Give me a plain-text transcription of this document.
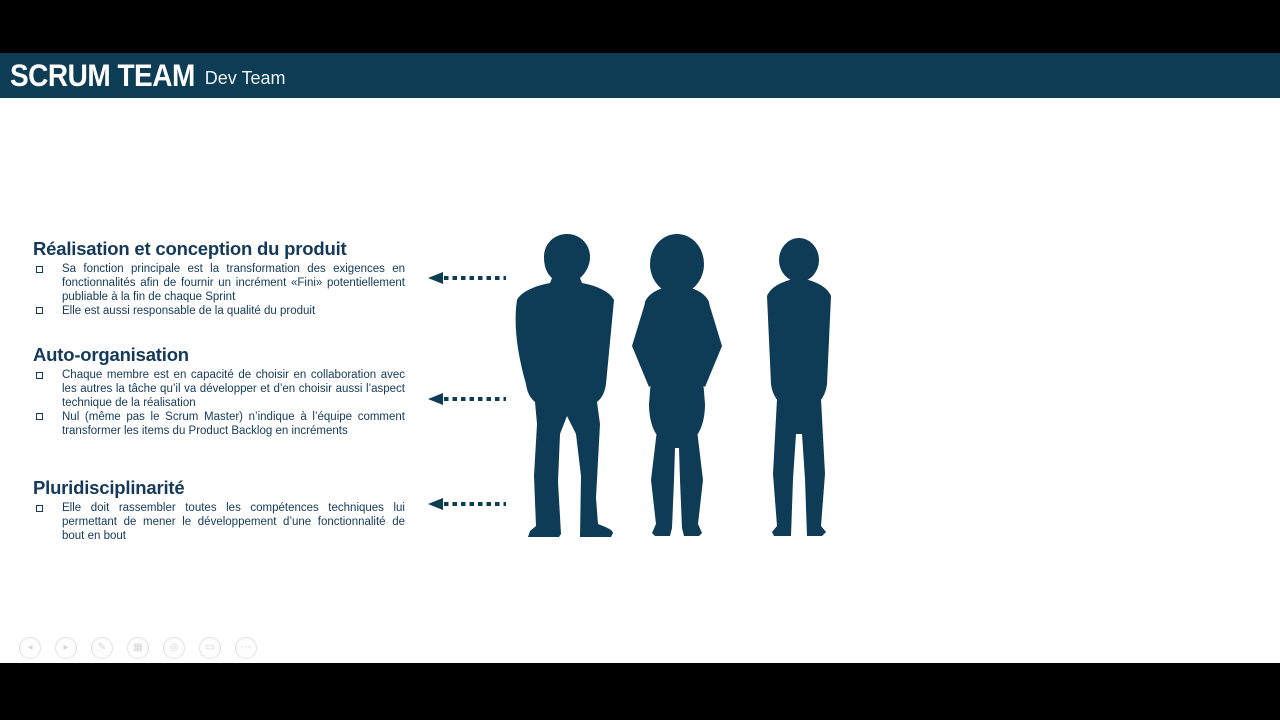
SCRUM TEAM Dev Team
Réalisation et conception du produit
Sa fonction principale est la transformation des exigences en fonctionnalités afin de fournir un incrément «Fini» potentiellement publiable à la fin de chaque Sprint
Elle est aussi responsable de la qualité du produit
Auto-organisation
Chaque membre est en capacité de choisir en collaboration avec les autres la tâche qu’il va développer et d’en choisir aussi l’aspect technique de la réalisation
Nul (même pas le Scrum Master) n’indique à l’équipe comment transformer les items du Product Backlog en incréments
Pluridisciplinarité
Elle doit rassembler toutes les compétences techniques lui permettant de mener le développement d’une fonctionnalité de bout en bout
◂	▸	✎	▦	◎	▭	⋯
